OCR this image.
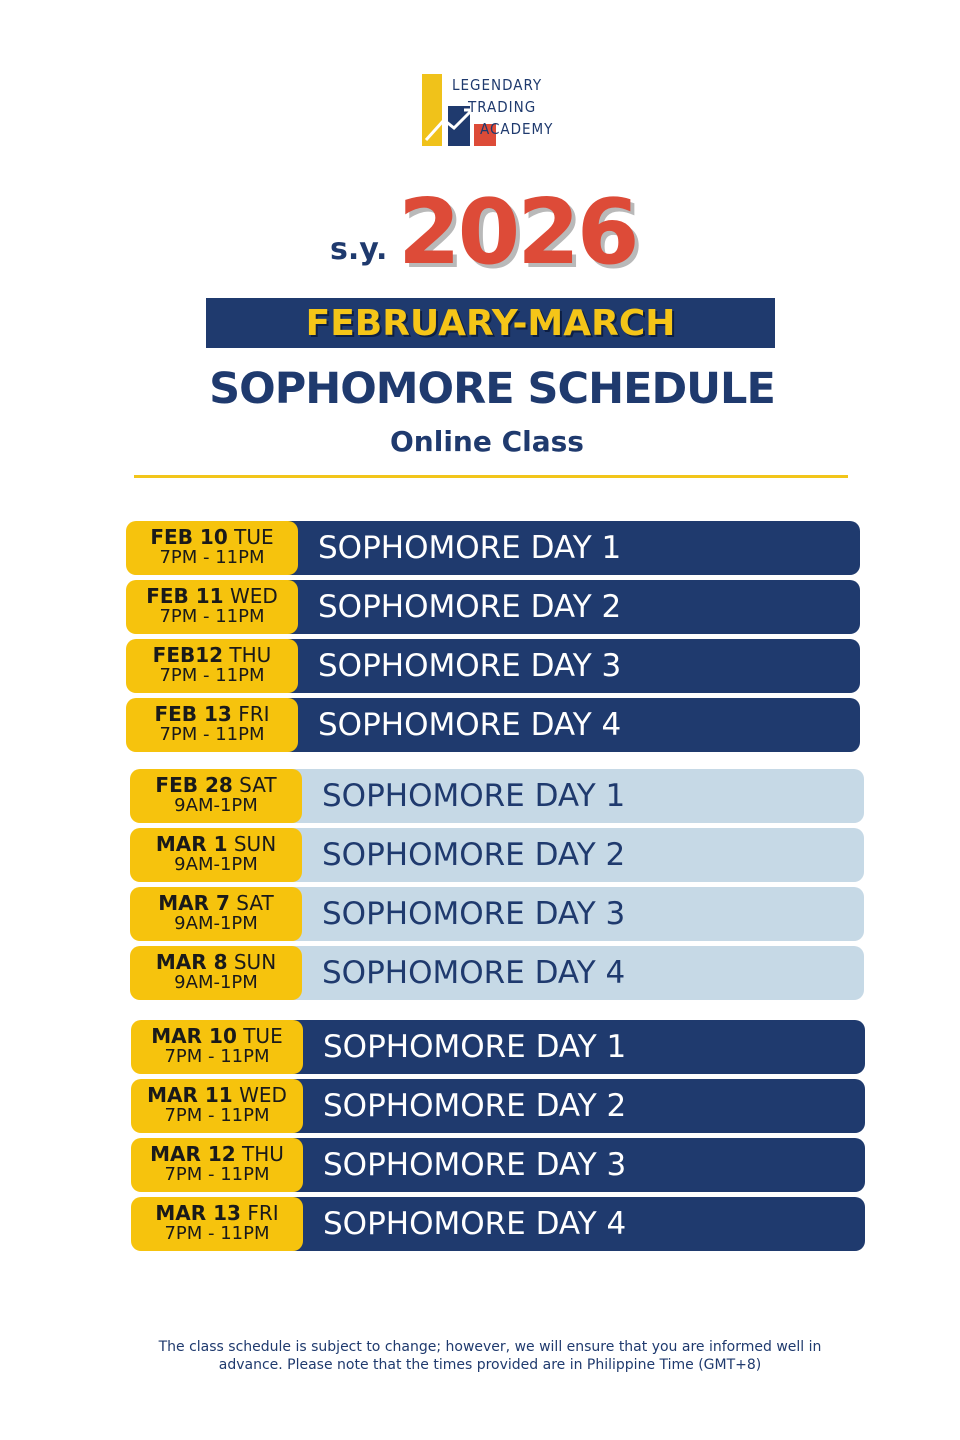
LEGENDARY
TRADING
ACADEMY
s.y. 2026
FEBRUARY-MARCH
SOPHOMORE SCHEDULE
Online Class
FEB 10 TUE
7PM - 11PM	SOPHOMORE DAY 1
FEB 11 WED
7PM - 11PM	SOPHOMORE DAY 2
FEB12 THU
7PM - 11PM	SOPHOMORE DAY 3
FEB 13 FRI
7PM - 11PM	SOPHOMORE DAY 4
FEB 28 SAT
9AM-1PM	SOPHOMORE DAY 1
MAR 1 SUN
9AM-1PM	SOPHOMORE DAY 2
MAR 7 SAT
9AM-1PM	SOPHOMORE DAY 3
MAR 8 SUN
9AM-1PM	SOPHOMORE DAY 4
MAR 10 TUE
7PM - 11PM	SOPHOMORE DAY 1
MAR 11 WED
7PM - 11PM	SOPHOMORE DAY 2
MAR 12 THU
7PM - 11PM	SOPHOMORE DAY 3
MAR 13 FRI
7PM - 11PM	SOPHOMORE DAY 4
The class schedule is subject to change; however, we will ensure that you are informed well in
advance. Please note that the times provided are in Philippine Time (GMT+8)
